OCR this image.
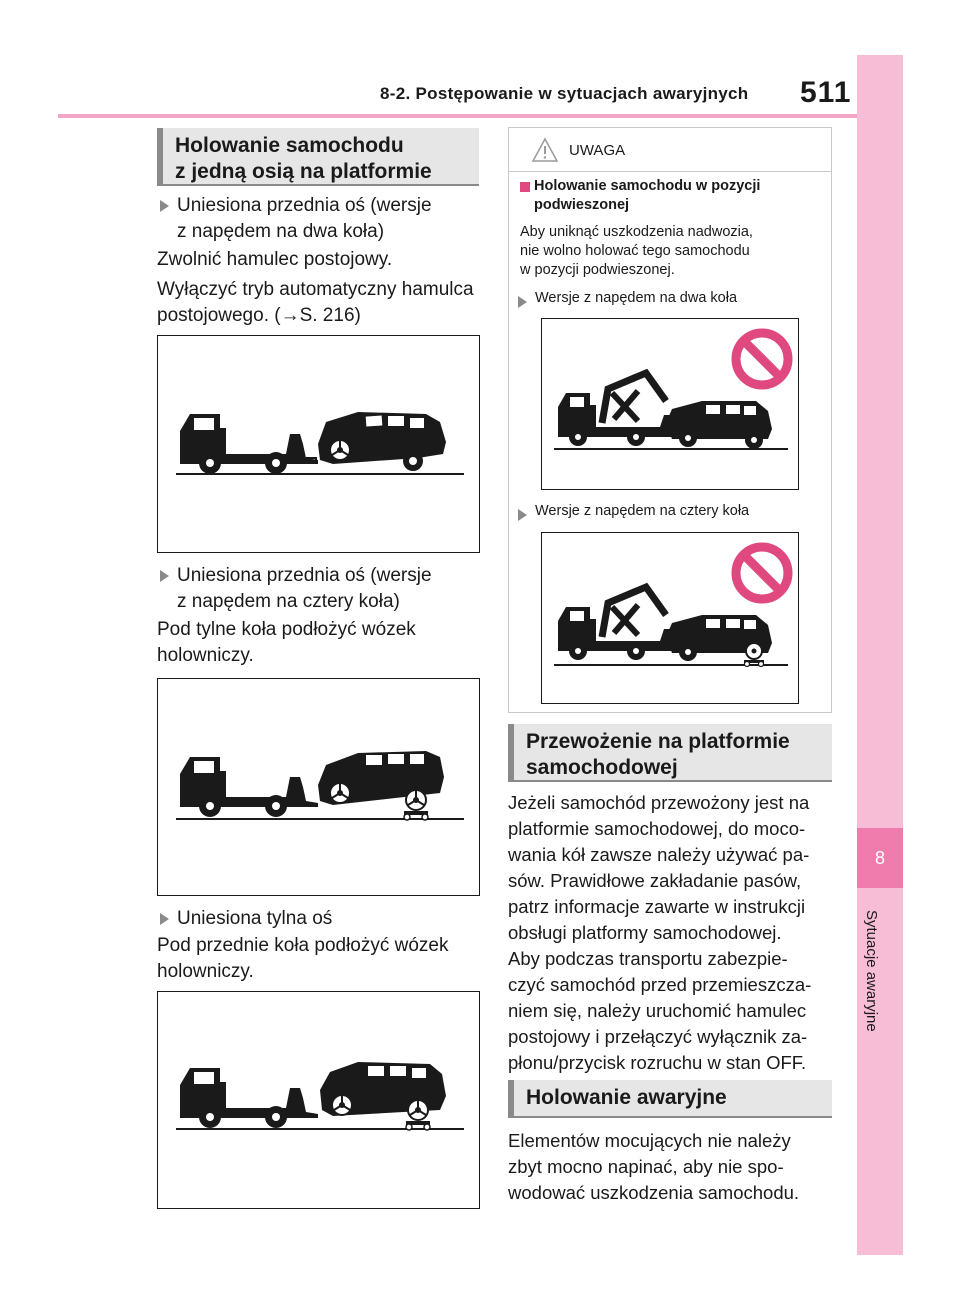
8-2. Postępowanie w sytuacjach awaryjnych 511
8
Sytuacje awaryjne
Holowanie samochodu
z jedną osią na platformie
Uniesiona przednia oś (wersje
z napędem na dwa koła)
Zwolnić hamulec postojowy.
Wyłączyć tryb automatyczny hamulca
postojowego. (→S. 216)
Uniesiona przednia oś (wersje
z napędem na cztery koła)
Pod tylne koła podłożyć wózek
holowniczy.
Uniesiona tylna oś
Pod przednie koła podłożyć wózek
holowniczy.
UWAGA
Holowanie samochodu w pozycji
podwieszonej
Aby uniknąć uszkodzenia nadwozia,
nie wolno holować tego samochodu
w pozycji podwieszonej.
Wersje z napędem na dwa koła
Wersje z napędem na cztery koła
Przewożenie na platformie
samochodowej
Jeżeli samochód przewożony jest na
platformie samochodowej, do moco-
wania kół zawsze należy używać pa-
sów. Prawidłowe zakładanie pasów,
patrz informacje zawarte w instrukcji
obsługi platformy samochodowej.
Aby podczas transportu zabezpie-
czyć samochód przed przemieszcza-
niem się, należy uruchomić hamulec
postojowy i przełączyć wyłącznik za-
płonu/przycisk rozruchu w stan OFF.
Holowanie awaryjne
Elementów mocujących nie należy
zbyt mocno napinać, aby nie spo-
wodować uszkodzenia samochodu.
